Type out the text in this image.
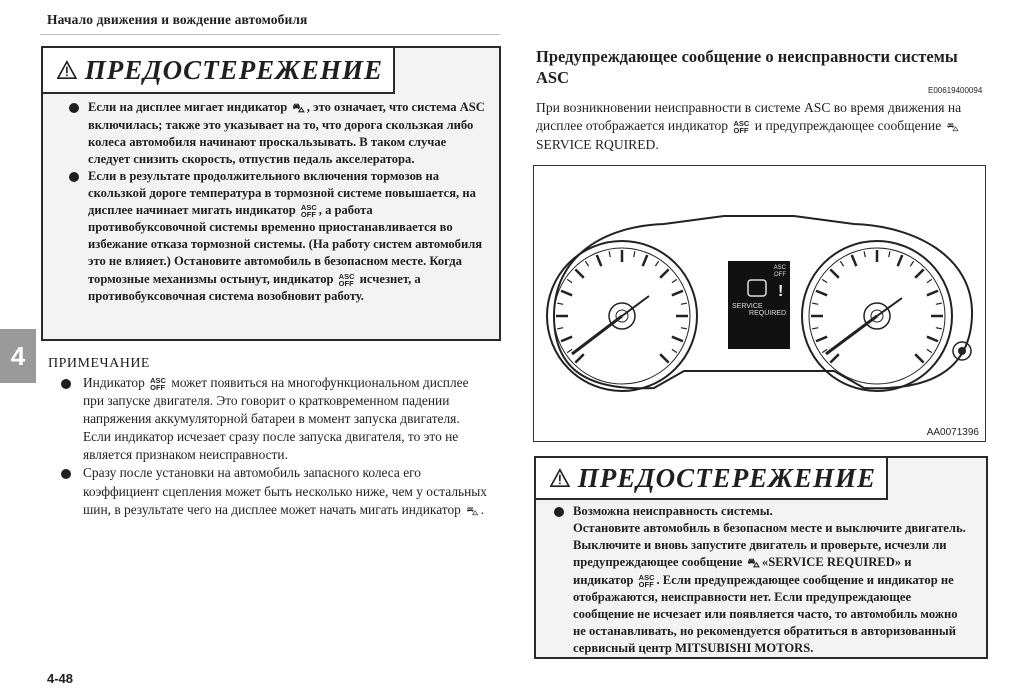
Начало движения и вождение автомобиля
ПРЕДОСТЕРЕЖЕНИЕ
Если на дисплее мигает индикатор ⛍ , это означает, что система ASC включилась; также это указывает на то, что дорога скользкая либо колеса автомобиля начинают проскальзывать. В таком случае следует снизить скорость, отпустив педаль акселератора.
Если в результате продолжительного включения тормозов на скользкой дороге температура в тормозной системе повышается, на дисплее начинает мигать индикатор ASC
OFF , а работа противобуксовочной системы временно приостанавливается во избежание отказа тормозной системы. (На работу систем автомобиля это не влияет.) Остановите автомобиль в безопасном месте. Когда тормозные механизмы остынут, индикатор ASC
OFF исчезнет, а противобуксовочная система возобновит работу.
4	ПРИМЕЧАНИЕ
Индикатор ASC
OFF может появиться на многофункциональном дисплее при запуске двигателя. Это говорит о кратковременном падении напряжения аккумуляторной батареи в момент запуска двигателя. Если индикатор исчезает сразу после запуска двигателя, то это не является признаком неисправности.
Сразу после установки на автомобиль запасного колеса его коэффициент сцепления может быть несколько ниже, чем у остальных шин, в результате чего на дисплее может начать мигать индикатор ⛍ .
Предупреждающее сообщение о неисправности системы ASC
E00619400094
При возникновении неисправности в системе ASC во время движения на дисплее отображается индикатор ASC
OFF и предупреждающее сообщение ⛍SERVICE RQUIRED.
ASC
OFF
!
SERVICE
REQUIRED
AA0071396
ПРЕДОСТЕРЕЖЕНИЕ
Возможна неисправность системы.
Остановите автомобиль в безопасном месте и выключите двигатель. Выключите и вновь запустите двигатель и проверьте, исчезли ли предупреждающее сообщение ⛍ «SERVICE REQUIRED» и индикатор ASC
OFF . Если предупреждающее сообщение и индикатор не отображаются, неисправности нет. Если предупреждающее сообщение не исчезает или появляется часто, то автомобиль можно не останавливать, но рекомендуется обратиться в авторизованный сервисный центр MITSUBISHI MOTORS.
4-48
